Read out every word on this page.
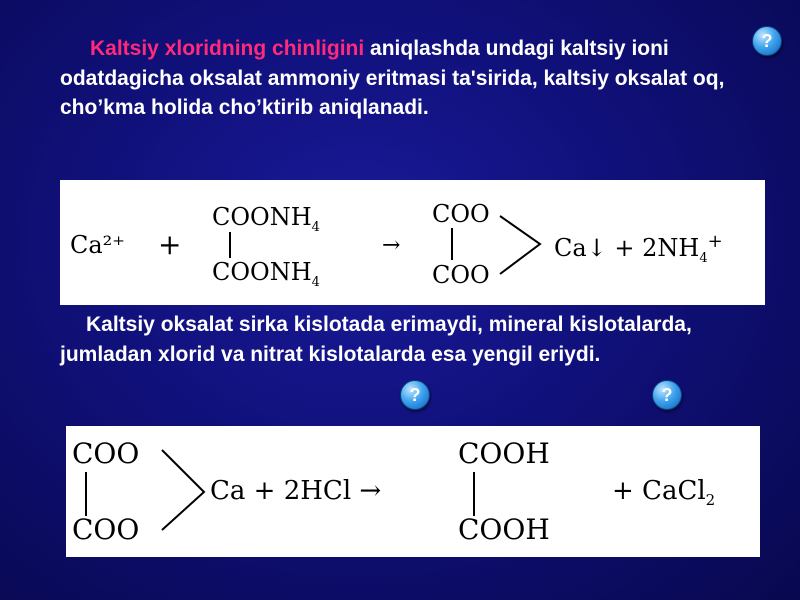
Kaltsiy xloridning chinligini aniqlashda undagi kaltsiy ioni odatdagicha oksalat ammoniy eritmasi ta'sirida, kaltsiy oksalat oq, cho’kma holida cho’ktirib aniqlanadi.

?
?	?
Ca²⁺ +
$COONH_4$
$COONH_4$
→
COO
COO
Ca↓ + $2NH_4^+$

Kaltsiy oksalat sirka kislotada erimaydi, mineral kislotalarda, jumladan xlorid va nitrat kislotalarda esa yengil eriydi.

COO
COO
Ca + 2HCl →
COOH
COOH
+ CaCl$_2$
